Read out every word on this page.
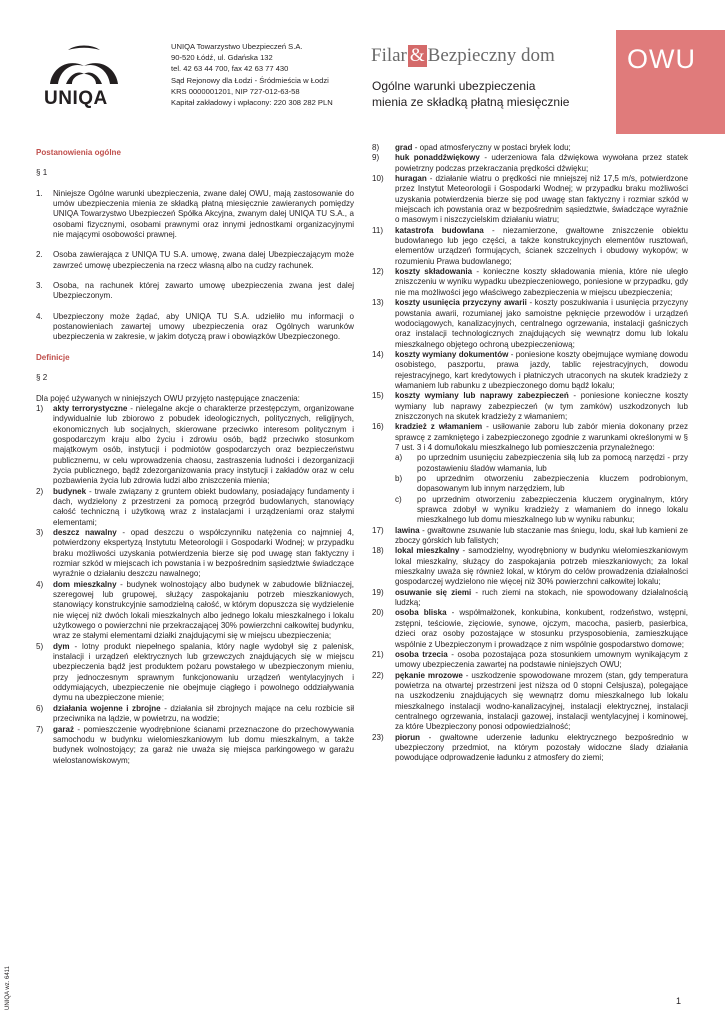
UNIQA
UNIQA Towarzystwo Ubezpieczeń S.A.
90-520 Łódź, ul. Gdańska 132
tel. 42 63 44 700, fax 42 63 77 430
Sąd Rejonowy dla Łodzi - Śródmieścia w Łodzi
KRS 0000001201, NIP 727-012-63-58
Kapitał zakładowy i wpłacony: 220 308 282 PLN
Filar & Bezpieczny dom
Ogólne warunki ubezpieczenia
mienia ze składką płatną miesięcznie
OWU
Postanowienia ogólne
§ 1
1.	Niniejsze Ogólne warunki ubezpieczenia, zwane dalej OWU, mają zastosowanie do umów ubezpieczenia mienia ze składką płatną miesięcznie zawieranych pomiędzy UNIQA Towarzystwo Ubezpieczeń Spółka Akcyjna, zwanym dalej UNIQA TU S.A., a osobami fizycznymi, osobami prawnymi oraz innymi jednostkami organizacyjnymi nie mającymi osobowości prawnej.
2.	Osoba zawierająca z UNIQA TU S.A. umowę, zwana dalej Ubezpieczającym może zawrzeć umowę ubezpieczenia na rzecz własną albo na cudzy rachunek.
3.	Osoba, na rachunek której zawarto umowę ubezpieczenia zwana jest dalej Ubezpieczonym.
4.	Ubezpieczony może żądać, aby UNIQA TU S.A. udzieliło mu informacji o postanowieniach zawartej umowy ubezpieczenia oraz Ogólnych warunków ubezpieczenia w zakresie, w jakim dotyczą praw i obowiązków Ubezpieczonego.
Definicje
§ 2
Dla pojęć używanych w niniejszych OWU przyjęto następujące znaczenia:
1)	akty terrorystyczne - nielegalne akcje o charakterze przestępczym, organizowane indywidualnie lub zbiorowo z pobudek ideologicznych, politycznych, religijnych, ekonomicznych lub socjalnych, skierowane przeciwko interesom politycznym i gospodarczym kraju albo życiu i zdrowiu osób, bądź przeciwko stosunkom majątkowym osób, instytucji i podmiotów gospodarczych oraz bezpieczeństwu publicznemu, w celu wprowadzenia chaosu, zastraszenia ludności i dezorganizacji życia publicznego, bądź zdezorganizowania pracy instytucji i zakładów oraz w celu pozbawienia życia lub zdrowia ludzi albo zniszczenia mienia;
2)	budynek - trwale związany z gruntem obiekt budowlany, posiadający fundamenty i dach, wydzielony z przestrzeni za pomocą przegród budowlanych, stanowiący całość techniczną i użytkową wraz z instalacjami i urządzeniami oraz stałymi elementami;
3)	deszcz nawalny - opad deszczu o współczynniku natężenia co najmniej 4, potwierdzony ekspertyzą Instytutu Meteorologii i Gospodarki Wodnej; w przypadku braku możliwości uzyskania potwierdzenia bierze się pod uwagę stan faktyczny i rozmiar szkód w miejscach ich powstania i w bezpośrednim sąsiedztwie świadczące wyraźnie o działaniu deszczu nawalnego;
4)	dom mieszkalny - budynek wolnostojący albo budynek w zabudowie bliźniaczej, szeregowej lub grupowej, służący zaspokajaniu potrzeb mieszkaniowych, stanowiący konstrukcyjnie samodzielną całość, w którym dopuszcza się wydzielenie nie więcej niż dwóch lokali mieszkalnych albo jednego lokalu mieszkalnego i lokalu użytkowego o powierzchni nie przekraczającej 30% powierzchni całkowitej budynku, wraz ze stałymi elementami działki znajdującymi się w miejscu ubezpieczenia;
5)	dym - lotny produkt niepełnego spalania, który nagle wydobył się z palenisk, instalacji i urządzeń elektrycznych lub grzewczych znajdujących się w miejscu ubezpieczenia bądź jest produktem pożaru powstałego w ubezpieczonym mieniu, przy jednoczesnym sprawnym funkcjonowaniu urządzeń wentylacyjnych i oddymiających, ubezpieczenie nie obejmuje ciągłego i powolnego oddziaływania dymu na ubezpieczone mienie;
6)	działania wojenne i zbrojne - działania sił zbrojnych mające na celu rozbicie sił przeciwnika na lądzie, w powietrzu, na wodzie;
7)	garaż - pomieszczenie wyodrębnione ścianami przeznaczone do przechowywania samochodu w budynku wielomieszkaniowym lub domu mieszkalnym, a także budynek wolnostojący; za garaż nie uważa się miejsca parkingowego w garażu wielostanowiskowym;
8)	grad - opad atmosferyczny w postaci bryłek lodu;
9)	huk ponaddźwiękowy - uderzeniowa fala dźwiękowa wywołana przez statek powietrzny podczas przekraczania prędkości dźwięku;
10)	huragan - działanie wiatru o prędkości nie mniejszej niż 17,5 m/s, potwierdzone przez Instytut Meteorologii i Gospodarki Wodnej; w przypadku braku możliwości uzyskania potwierdzenia bierze się pod uwagę stan faktyczny i rozmiar szkód w miejscach ich powstania oraz w bezpośrednim sąsiedztwie, świadczące wyraźnie o masowym i niszczycielskim działaniu wiatru;
11)	katastrofa budowlana - niezamierzone, gwałtowne zniszczenie obiektu budowlanego lub jego części, a także konstrukcyjnych elementów rusztowań, elementów urządzeń formujących, ścianek szczelnych i obudowy wykopów; w rozumieniu Prawa budowlanego;
12)	koszty składowania - konieczne koszty składowania mienia, które nie uległo zniszczeniu w wyniku wypadku ubezpieczeniowego, poniesione w przypadku, gdy nie ma możliwości jego właściwego zabezpieczenia w miejscu ubezpieczenia;
13)	koszty usunięcia przyczyny awarii - koszty poszukiwania i usunięcia przyczyny powstania awarii, rozumianej jako samoistne pęknięcie przewodów i urządzeń wodociągowych, kanalizacyjnych, centralnego ogrzewania, instalacji gaśniczych oraz instalacji technologicznych znajdujących się wewnątrz domu lub lokalu mieszkalnego objętego ochroną ubezpieczeniową;
14)	koszty wymiany dokumentów - poniesione koszty obejmujące wymianę dowodu osobistego, paszportu, prawa jazdy, tablic rejestracyjnych, dowodu rejestracyjnego, kart kredytowych i płatniczych utraconych na skutek kradzieży z włamaniem lub rabunku z ubezpieczonego domu bądź lokalu;
15)	koszty wymiany lub naprawy zabezpieczeń - poniesione konieczne koszty wymiany lub naprawy zabezpieczeń (w tym zamków) uszkodzonych lub zniszczonych na skutek kradzieży z włamaniem;
16)	kradzież z włamaniem - usiłowanie zaboru lub zabór mienia dokonany przez sprawcę z zamkniętego i zabezpieczonego zgodnie z warunkami określonymi w § 7 ust. 3 i 4 domu/lokalu mieszkalnego lub pomieszczenia przynależnego:
a)	po uprzednim usunięciu zabezpieczenia siłą lub za pomocą narzędzi - przy pozostawieniu śladów włamania, lub
b)	po uprzednim otworzeniu zabezpieczenia kluczem podrobionym, dopasowanym lub innym narzędziem, lub
c)	po uprzednim otworzeniu zabezpieczenia kluczem oryginalnym, który sprawca zdobył w wyniku kradzieży z włamaniem do innego lokalu mieszkalnego lub domu mieszkalnego lub w wyniku rabunku;
17)	lawina - gwałtowne zsuwanie lub staczanie mas śniegu, lodu, skał lub kamieni ze zboczy górskich lub falistych;
18)	lokal mieszkalny - samodzielny, wyodrębniony w budynku wielomieszkaniowym lokal mieszkalny, służący do zaspokajania potrzeb mieszkaniowych; za lokal mieszkalny uważa się również lokal, w którym do celów prowadzenia działalności gospodarczej wydzielono nie więcej niż 30% powierzchni całkowitej lokalu;
19)	osuwanie się ziemi - ruch ziemi na stokach, nie spowodowany działalnością ludzką;
20)	osoba bliska - współmałżonek, konkubina, konkubent, rodzeństwo, wstępni, zstępni, teściowie, zięciowie, synowe, ojczym, macocha, pasierb, pasierbica, dzieci oraz osoby pozostające w stosunku przysposobienia, zamieszkujące wspólnie z Ubezpieczonym i prowadzące z nim wspólnie gospodarstwo domowe;
21)	osoba trzecia - osoba pozostająca poza stosunkiem umownym wynikającym z umowy ubezpieczenia zawartej na podstawie niniejszych OWU;
22)	pękanie mrozowe - uszkodzenie spowodowane mrozem (stan, gdy temperatura powietrza na otwartej przestrzeni jest niższa od 0 stopni Celsjusza), polegające na uszkodzeniu znajdujących się wewnątrz domu mieszkalnego lub lokalu mieszkalnego instalacji wodno-kanalizacyjnej, instalacji elektrycznej, instalacji centralnego ogrzewania, instalacji gazowej, instalacji wentylacyjnej i kominowej, za które Ubezpieczony ponosi odpowiedzialność;
23)	piorun - gwałtowne uderzenie ładunku elektrycznego bezpośrednio w ubezpieczony przedmiot, na którym pozostały widoczne ślady działania powodujące odprowadzenie ładunku z atmosfery do ziemi;
UNIQA wz. 6411	1
